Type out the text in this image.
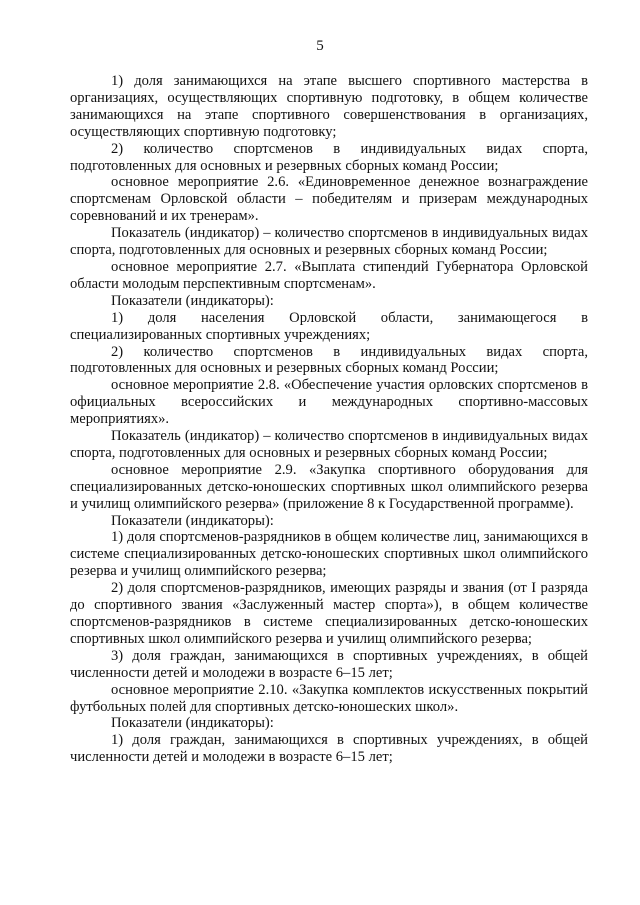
5

1) доля занимающихся на этапе высшего спортивного мастерства в организациях, осуществляющих спортивную подготовку, в общем количестве занимающихся на этапе спортивного совершенствования в организациях, осуществляющих спортивную подготовку;

2) количество спортсменов в индивидуальных видах спорта, подготовленных для основных и резервных сборных команд России;

основное мероприятие 2.6. «Единовременное денежное вознаграждение спортсменам Орловской области – победителям и призерам международных соревнований и их тренерам».

Показатель (индикатор) – количество спортсменов в индивидуальных видах спорта, подготовленных для основных и резервных сборных команд России;

основное мероприятие 2.7. «Выплата стипендий Губернатора Орловской области молодым перспективным спортсменам».

Показатели (индикаторы):

1) доля населения Орловской области, занимающегося в специализированных спортивных учреждениях;

2) количество спортсменов в индивидуальных видах спорта, подготовленных для основных и резервных сборных команд России;

основное мероприятие 2.8. «Обеспечение участия орловских спортсменов в официальных всероссийских и международных спортивно-массовых мероприятиях».

Показатель (индикатор) – количество спортсменов в индивидуальных видах спорта, подготовленных для основных и резервных сборных команд России;

основное мероприятие 2.9. «Закупка спортивного оборудования для специализированных детско-юношеских спортивных школ олимпийского резерва и училищ олимпийского резерва» (приложение 8 к Государственной программе).

Показатели (индикаторы):

1) доля спортсменов-разрядников в общем количестве лиц, занимающихся в системе специализированных детско-юношеских спортивных школ олимпийского резерва и училищ олимпийского резерва;

2) доля спортсменов-разрядников, имеющих разряды и звания (от I разряда до спортивного звания «Заслуженный мастер спорта»), в общем количестве спортсменов-разрядников в системе специализированных детско-юношеских спортивных школ олимпийского резерва и училищ олимпийского резерва;

3) доля граждан, занимающихся в спортивных учреждениях, в общей численности детей и молодежи в возрасте 6–15 лет;

основное мероприятие 2.10. «Закупка комплектов искусственных покрытий футбольных полей для спортивных детско-юношеских школ».

Показатели (индикаторы):

1) доля граждан, занимающихся в спортивных учреждениях, в общей численности детей и молодежи в возрасте 6–15 лет;
